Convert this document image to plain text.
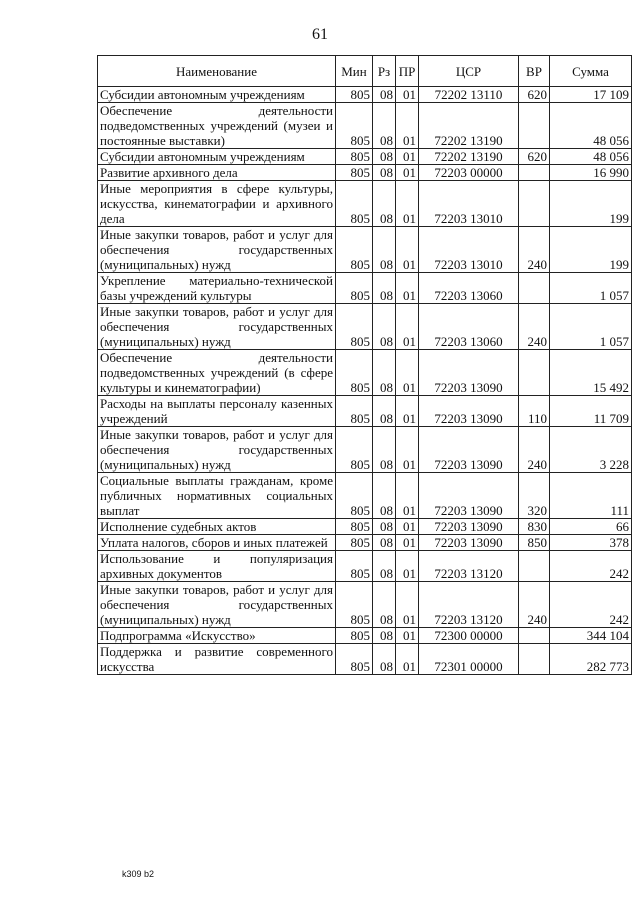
61
Наименование	Мин	Рз	ПР	ЦСР	ВР	Сумма
Субсидии автономным учреждениям	805	08	01	72202 13110	620	17 109
Обеспечение деятельности подведомственных учреждений (музеи и постоянные выставки)	805	08	01	72202 13190		48 056
Субсидии автономным учреждениям	805	08	01	72202 13190	620	48 056
Развитие архивного дела	805	08	01	72203 00000		16 990
Иные мероприятия в сфере культуры, искусства, кинематографии и архивного дела	805	08	01	72203 13010		199
Иные закупки товаров, работ и услуг для обеспечения государственных (муниципальных) нужд	805	08	01	72203 13010	240	199
Укрепление материально-технической базы учреждений культуры	805	08	01	72203 13060		1 057
Иные закупки товаров, работ и услуг для обеспечения государственных (муниципальных) нужд	805	08	01	72203 13060	240	1 057
Обеспечение деятельности подведомственных учреждений (в сфере культуры и кинематографии)	805	08	01	72203 13090		15 492
Расходы на выплаты персоналу казенных учреждений	805	08	01	72203 13090	110	11 709
Иные закупки товаров, работ и услуг для обеспечения государственных (муниципальных) нужд	805	08	01	72203 13090	240	3 228
Социальные выплаты гражданам, кроме публичных нормативных социальных выплат	805	08	01	72203 13090	320	111
Исполнение судебных актов	805	08	01	72203 13090	830	66
Уплата налогов, сборов и иных платежей	805	08	01	72203 13090	850	378
Использование и популяризация архивных документов	805	08	01	72203 13120		242
Иные закупки товаров, работ и услуг для обеспечения государственных (муниципальных) нужд	805	08	01	72203 13120	240	242
Подпрограмма «Искусство»	805	08	01	72300 00000		344 104
Поддержка и развитие современного искусства	805	08	01	72301 00000		282 773
k309 b2
